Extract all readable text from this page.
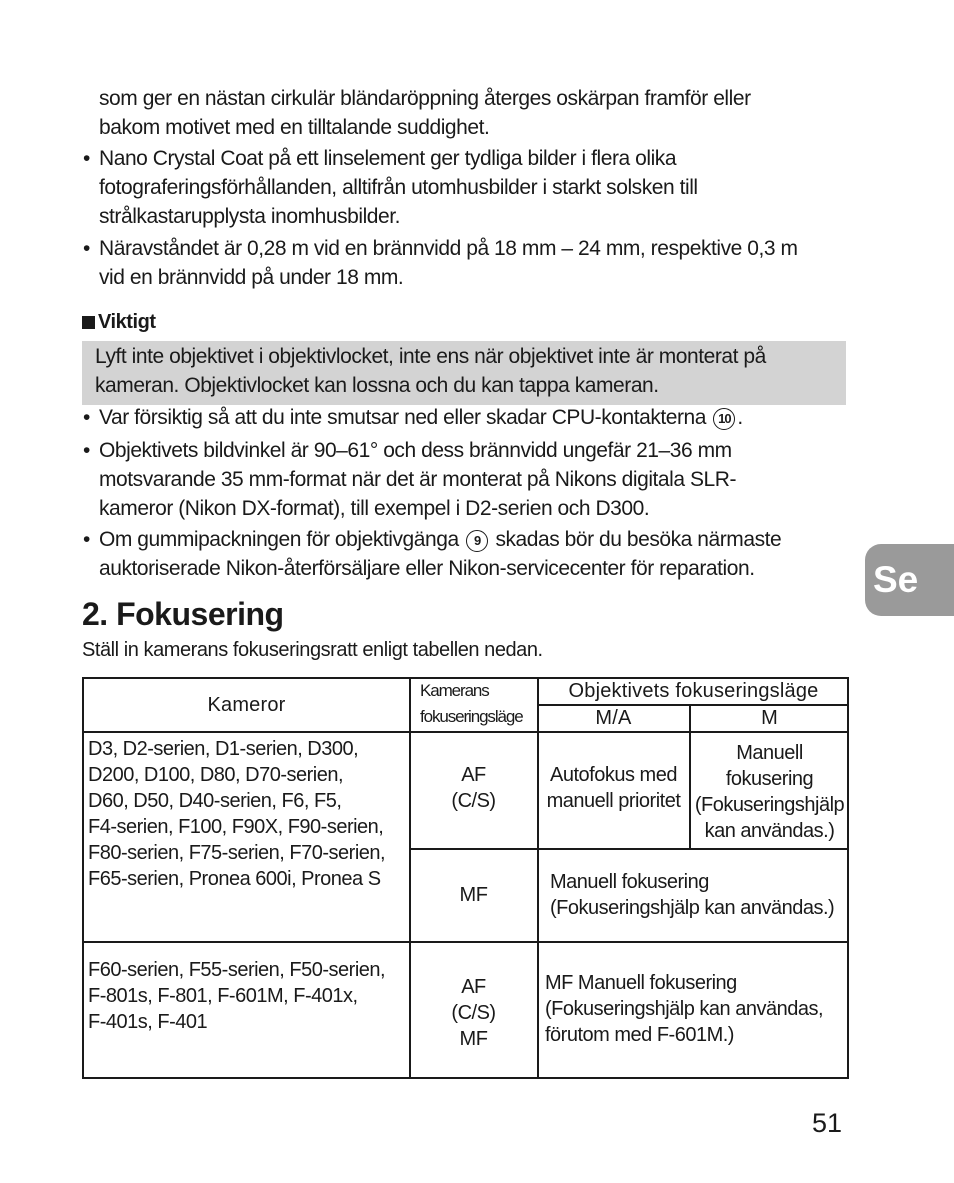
som ger en nästan cirkulär bländaröppning återges oskärpan framför eller
bakom motivet med en tilltalande suddighet.
• Nano Crystal Coat på ett linselement ger tydliga bilder i flera olika
fotograferingsförhållanden, alltifrån utomhusbilder i starkt solsken till
strålkastarupplysta inomhusbilder.
• Näravståndet är 0,28 m vid en brännvidd på 18 mm – 24 mm, respektive 0,3 m
vid en brännvidd på under 18 mm.
Viktigt
Lyft inte objektivet i objektivlocket, inte ens när objektivet inte är monterat på
kameran. Objektivlocket kan lossna och du kan tappa kameran.
• Var försiktig så att du inte smutsar ned eller skadar CPU-kontakterna 10 .
• Objektivets bildvinkel är 90–61° och dess brännvidd ungefär 21–36 mm
motsvarande 35 mm-format när det är monterat på Nikons digitala SLR-
kameror (Nikon DX-format), till exempel i D2-serien och D300.
• Om gummipackningen för objektivgänga 9 skadas bör du besöka närmaste
auktoriserade Nikon-återförsäljare eller Nikon-servicecenter för reparation.	Se
2. Fokusering
Ställ in kamerans fokuseringsratt enligt tabellen nedan.
Kameror
Kamerans
fokuseringsläge
Objektivets fokuseringsläge
M/A	M
D3, D2-serien, D1-serien, D300,
D200, D100, D80, D70-serien,
D60, D50, D40-serien, F6, F5,
F4-serien, F100, F90X, F90-serien,
F80-serien, F75-serien, F70-serien,
F65-serien, Pronea 600i, Pronea S
AF
(C/S)
Autofokus med
manuell prioritet
Manuell
fokusering
(Fokuseringshjälp
kan användas.)
MF
Manuell fokusering
(Fokuseringshjälp kan användas.)
F60-serien, F55-serien, F50-serien,
F-801s, F-801, F-601M, F-401x,
F-401s, F-401
AF
(C/S)
MF
MF Manuell fokusering
(Fokuseringshjälp kan användas,
förutom med F-601M.)
51
